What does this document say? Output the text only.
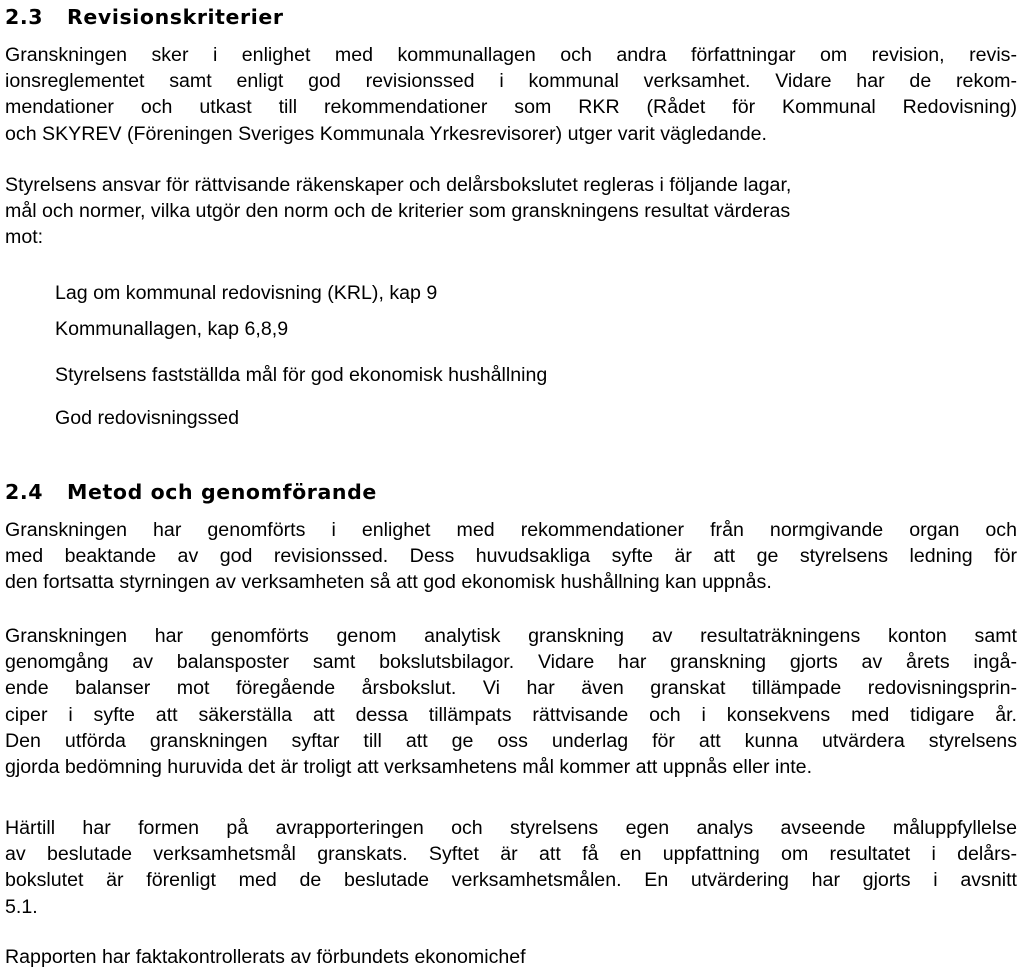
2.3 Revisionskriterier
Granskningen sker i enlighet med kommunallagen och andra författningar om revision, revis-
ionsreglementet samt enligt god revisionssed i kommunal verksamhet. Vidare har de rekom-
mendationer och utkast till rekommendationer som RKR (Rådet för Kommunal Redovisning)
och SKYREV (Föreningen Sveriges Kommunala Yrkesrevisorer) utger varit vägledande.
Styrelsens ansvar för rättvisande räkenskaper och delårsbokslutet regleras i följande lagar,
mål och normer, vilka utgör den norm och de kriterier som granskningens resultat värderas
mot:
Lag om kommunal redovisning (KRL), kap 9
Kommunallagen, kap 6,8,9
Styrelsens fastställda mål för god ekonomisk hushållning
God redovisningssed
2.4 Metod och genomförande
Granskningen har genomförts i enlighet med rekommendationer från normgivande organ och
med beaktande av god revisionssed. Dess huvudsakliga syfte är att ge styrelsens ledning för
den fortsatta styrningen av verksamheten så att god ekonomisk hushållning kan uppnås.
Granskningen har genomförts genom analytisk granskning av resultaträkningens konton samt
genomgång av balansposter samt bokslutsbilagor. Vidare har granskning gjorts av årets ingå-
ende balanser mot föregående årsbokslut. Vi har även granskat tillämpade redovisningsprin-
ciper i syfte att säkerställa att dessa tillämpats rättvisande och i konsekvens med tidigare år.
Den utförda granskningen syftar till att ge oss underlag för att kunna utvärdera styrelsens
gjorda bedömning huruvida det är troligt att verksamhetens mål kommer att uppnås eller inte.
Härtill har formen på avrapporteringen och styrelsens egen analys avseende måluppfyllelse
av beslutade verksamhetsmål granskats. Syftet är att få en uppfattning om resultatet i delårs-
bokslutet är förenligt med de beslutade verksamhetsmålen. En utvärdering har gjorts i avsnitt
5.1.
Rapporten har faktakontrollerats av förbundets ekonomichef
